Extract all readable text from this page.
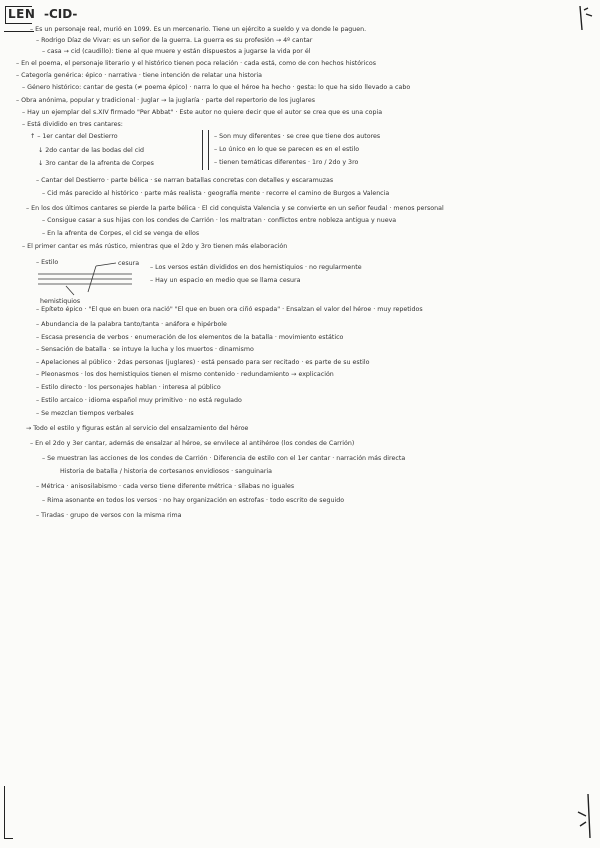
LEN -CID-
– Es un personaje real, murió en 1099. Es un mercenario. Tiene un ejército a sueldo y va donde le paguen.
– Rodrigo Díaz de Vivar: es un señor de la guerra. La guerra es su profesión → 4º cantar
– casa → cid (caudillo): tiene al que muere y están dispuestos a jugarse la vida por él
– En el poema, el personaje literario y el histórico tienen poca relación · cada está, como de con hechos históricos
– Categoría genérica: épico · narrativa · tiene intención de relatar una historia
– Género histórico: cantar de gesta (≠ poema épico) · narra lo que el héroe ha hecho · gesta: lo que ha sido llevado a cabo
– Obra anónima, popular y tradicional · Juglar → la juglaría · parte del repertorio de los juglares
– Hay un ejemplar del s.XIV firmado "Per Abbat" · Este autor no quiere decir que el autor se crea que es una copia
– Está dividido en tres cantares:
↑ – 1er cantar del Destierro
↓ 2do cantar de las bodas del cid
↓ 3ro cantar de la afrenta de Corpes
– Son muy diferentes · se cree que tiene dos autores
– Lo único en lo que se parecen es en el estilo
– tienen temáticas diferentes · 1ro / 2do y 3ro
– Cantar del Destierro · parte bélica · se narran batallas concretas con detalles y escaramuzas
– Cid más parecido al histórico · parte más realista · geografía mente · recorre el camino de Burgos a Valencia
– En los dos últimos cantares se pierde la parte bélica · El cid conquista Valencia y se convierte en un señor feudal · menos personal
– Consigue casar a sus hijas con los condes de Carrión · los maltratan · conflictos entre nobleza antigua y nueva
– En la afrenta de Corpes, el cid se venga de ellos
– El primer cantar es más rústico, mientras que el 2do y 3ro tienen más elaboración
– Estilo	cesura
hemistiquios
– Los versos están divididos en dos hemistiquios · no regularmente
– Hay un espacio en medio que se llama cesura
– Epíteto épico · "El que en buen ora nació" "El que en buen ora ciñó espada" · Ensalzan el valor del héroe · muy repetidos
– Abundancia de la palabra tanto/tanta · anáfora e hipérbole
– Escasa presencia de verbos · enumeración de los elementos de la batalla · movimiento estático
– Sensación de batalla · se intuye la lucha y los muertos · dinamismo
– Apelaciones al público · 2das personas (juglares) · está pensado para ser recitado · es parte de su estilo
– Pleonasmos · los dos hemistiquios tienen el mismo contenido · redundamiento → explicación
– Estilo directo · los personajes hablan · interesa al público
– Estilo arcaico · idioma español muy primitivo · no está regulado
– Se mezclan tiempos verbales
→ Todo el estilo y figuras están al servicio del ensalzamiento del héroe
– En el 2do y 3er cantar, además de ensalzar al héroe, se envilece al antihéroe (los condes de Carrión)
– Se muestran las acciones de los condes de Carrión · Diferencia de estilo con el 1er cantar · narración más directa
Historia de batalla / historia de cortesanos envidiosos · sanguinaria
– Métrica · anisosilabismo · cada verso tiene diferente métrica · sílabas no iguales
– Rima asonante en todos los versos · no hay organización en estrofas · todo escrito de seguido
– Tiradas · grupo de versos con la misma rima
